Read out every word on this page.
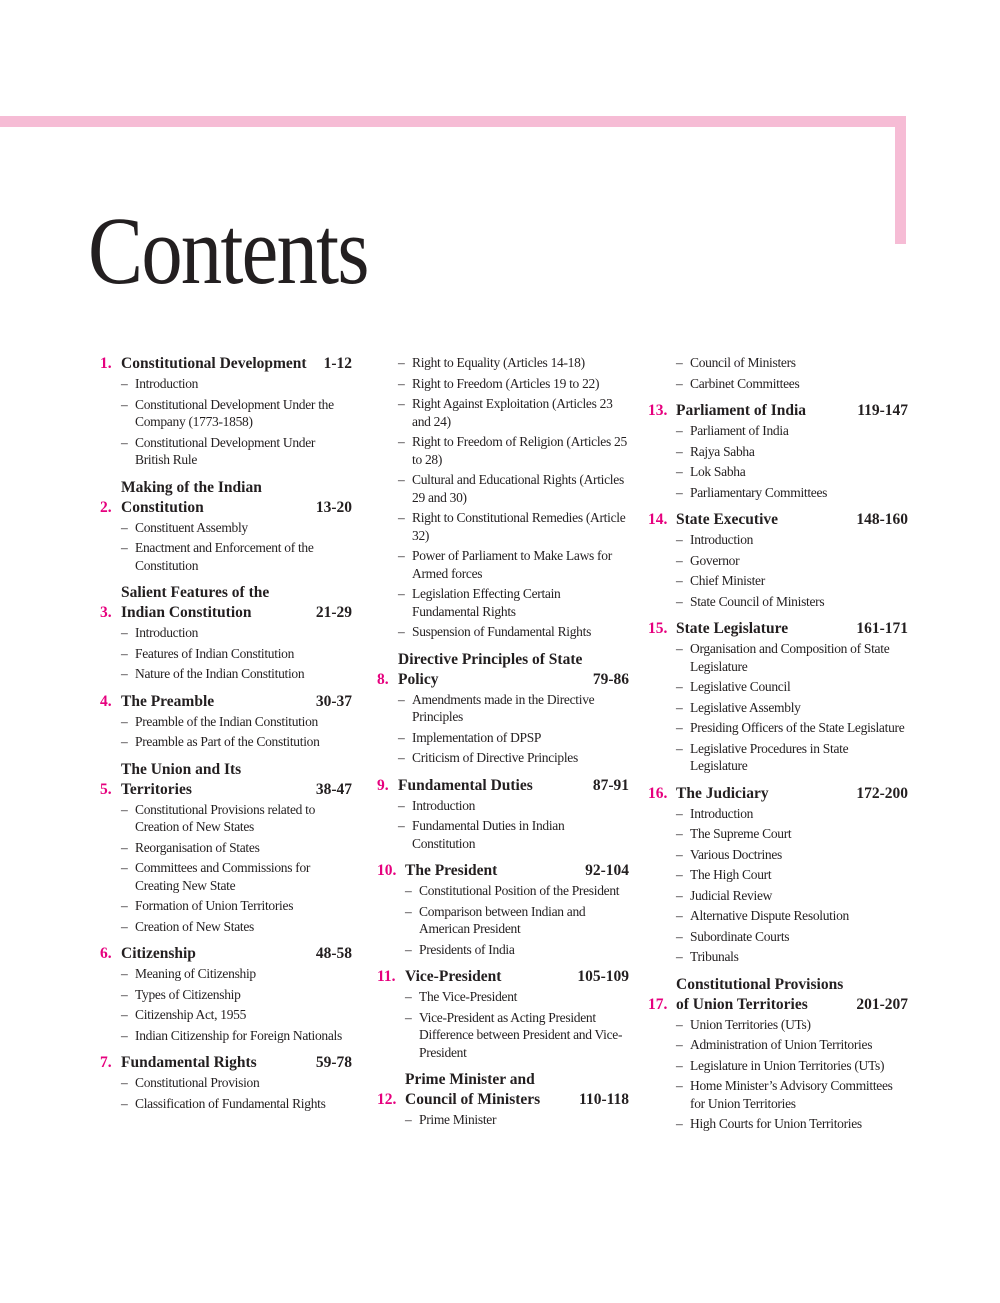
Contents
1. Constitutional Development	1-12
– Introduction
– Constitutional Development Under the Company (1773-1858)
– Constitutional Development Under British Rule
2.
Making of the Indian Constitution	13-20
– Constituent Assembly
– Enactment and Enforcement of the Constitution
3.
Salient Features of the Indian Constitution	21-29
– Introduction
– Features of Indian Constitution
– Nature of the Indian Constitution
4. The Preamble	30-37
– Preamble of the Indian Constitution
– Preamble as Part of the Constitution
5.
The Union and Its Territories	38-47
– Constitutional Provisions related to Creation of New States
– Reorganisation of States
– Committees and Commissions for Creating New State
– Formation of Union Territories
– Creation of New States
6. Citizenship	48-58
– Meaning of Citizenship
– Types of Citizenship
– Citizenship Act, 1955
– Indian Citizenship for Foreign Nationals
7. Fundamental Rights	59-78
– Constitutional Provision
– Classification of Fundamental Rights
– Right to Equality (Articles 14-18)
– Right to Freedom (Articles 19 to 22)
– Right Against Exploitation (Articles 23 and 24)
– Right to Freedom of Religion (Articles 25 to 28)
– Cultural and Educational Rights (Articles 29 and 30)
– Right to Constitutional Remedies (Article 32)
– Power of Parliament to Make Laws for Armed forces
– Legislation Effecting Certain Fundamental Rights
– Suspension of Fundamental Rights
8.
Directive Principles of State Policy	79-86
– Amendments made in the Directive Principles
– Implementation of DPSP
– Criticism of Directive Principles
9. Fundamental Duties	87-91
– Introduction
– Fundamental Duties in Indian Constitution
10. The President	92-104
– Constitutional Position of the President
– Comparison between Indian and American President
– Presidents of India
11. Vice-President	105-109
– The Vice-President
– Vice-President as Acting President Difference between President and Vice-President
12.
Prime Minister and Council of Ministers	110-118
– Prime Minister
– Council of Ministers
– Carbinet Committees
13. Parliament of India	119-147
– Parliament of India
– Rajya Sabha
– Lok Sabha
– Parliamentary Committees
14. State Executive	148-160
– Introduction
– Governor
– Chief Minister
– State Council of Ministers
15. State Legislature	161-171
– Organisation and Composition of State Legislature
– Legislative Council
– Legislative Assembly
– Presiding Officers of the State Legislature
– Legislative Procedures in State Legislature
16. The Judiciary	172-200
– Introduction
– The Supreme Court
– Various Doctrines
– The High Court
– Judicial Review
– Alternative Dispute Resolution
– Subordinate Courts
– Tribunals
17.
Constitutional Provisions of Union Territories	201-207
– Union Territories (UTs)
– Administration of Union Territories
– Legislature in Union Territories (UTs)
– Home Minister’s Advisory Committees for Union Territories
– High Courts for Union Territories
